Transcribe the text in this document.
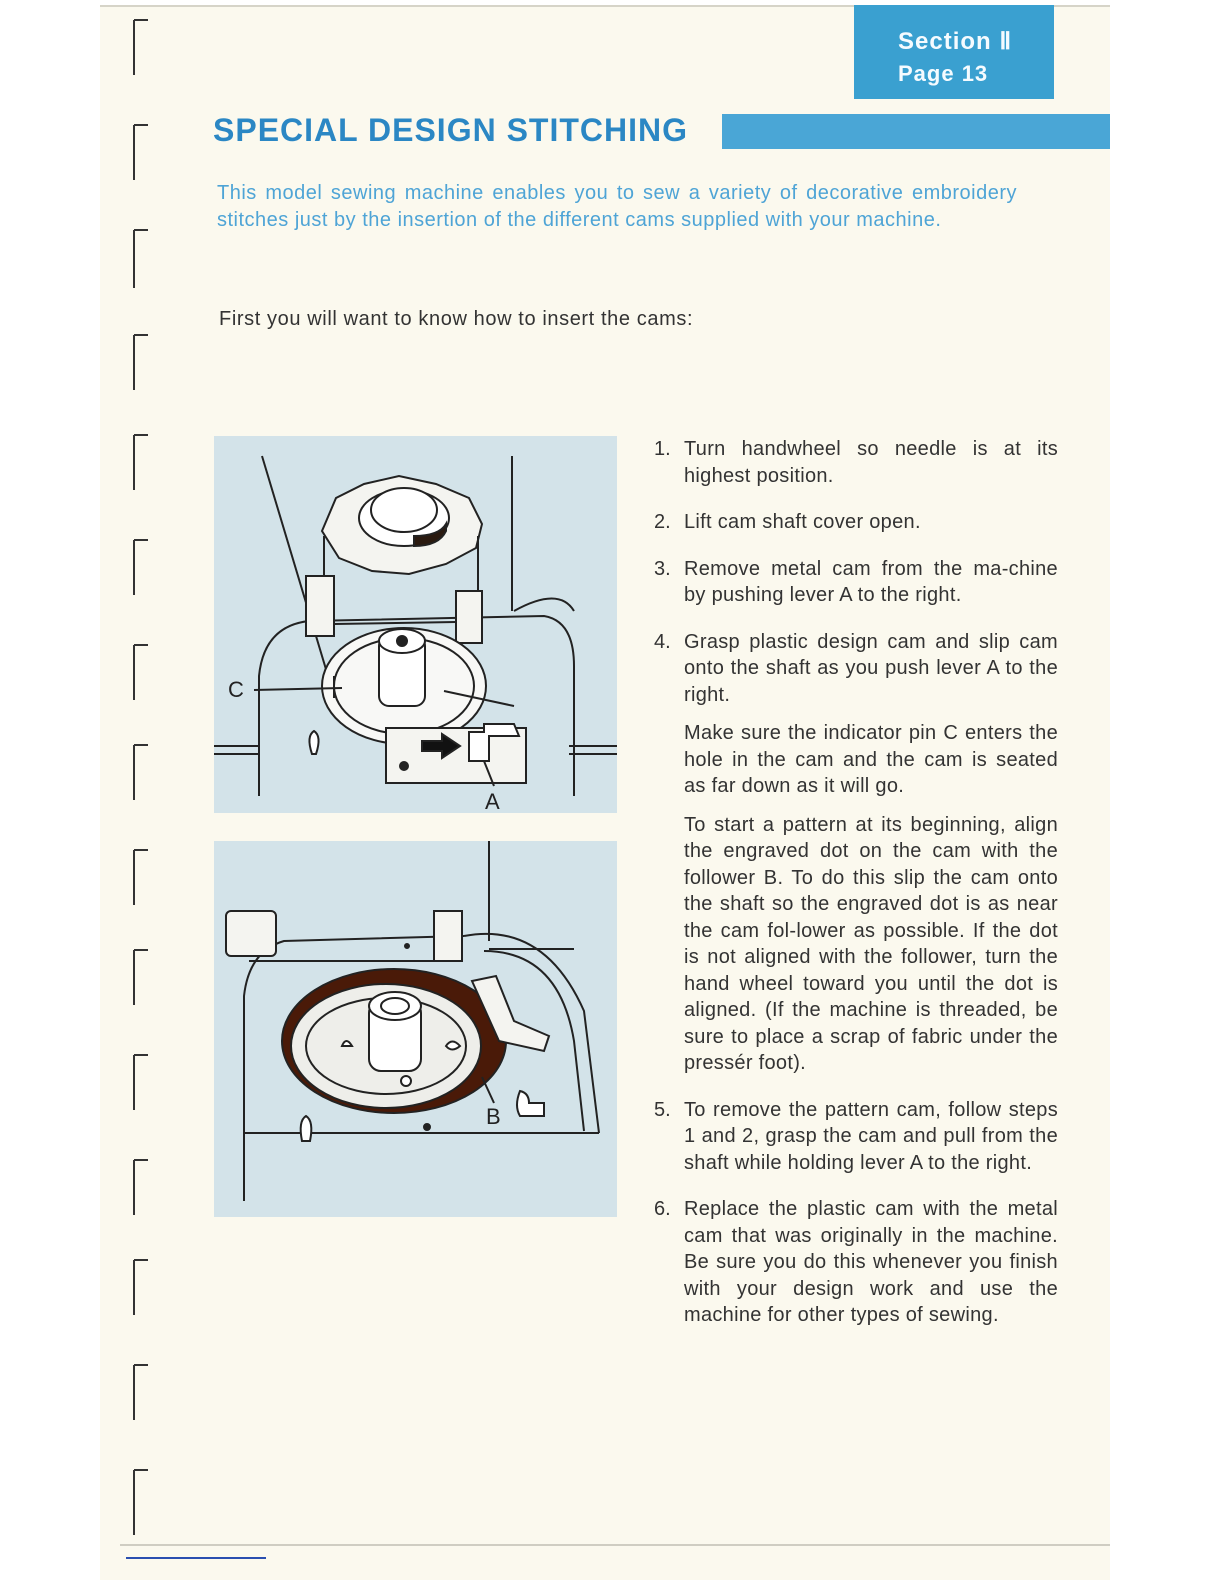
Section Ⅱ
Page 13
SPECIAL DESIGN STITCHING

This model sewing machine enables you to sew a variety of decorative embroidery stitches just by the insertion of the different cams supplied with your machine.

First you will want to know how to insert the cams:

C
A
B
1. Turn handwheel so needle is at its highest position.

2. Lift cam shaft cover open.

3. Remove metal cam from the ma-chine by pushing lever A to the right.

4. Grasp plastic design cam and slip cam onto the shaft as you push lever A to the right.

Make sure the indicator pin C enters the hole in the cam and the cam is seated as far down as it will go.

To start a pattern at its beginning, align the engraved dot on the cam with the follower B. To do this slip the cam onto the shaft so the engraved dot is as near the cam fol-lower as possible. If the dot is not aligned with the follower, turn the hand wheel toward you until the dot is aligned. (If the machine is threaded, be sure to place a scrap of fabric under the pressér foot).

5. To remove the pattern cam, follow steps 1 and 2, grasp the cam and pull from the shaft while holding lever A to the right.

6. Replace the plastic cam with the metal cam that was originally in the machine. Be sure you do this whenever you finish with your design work and use the machine for other types of sewing.
